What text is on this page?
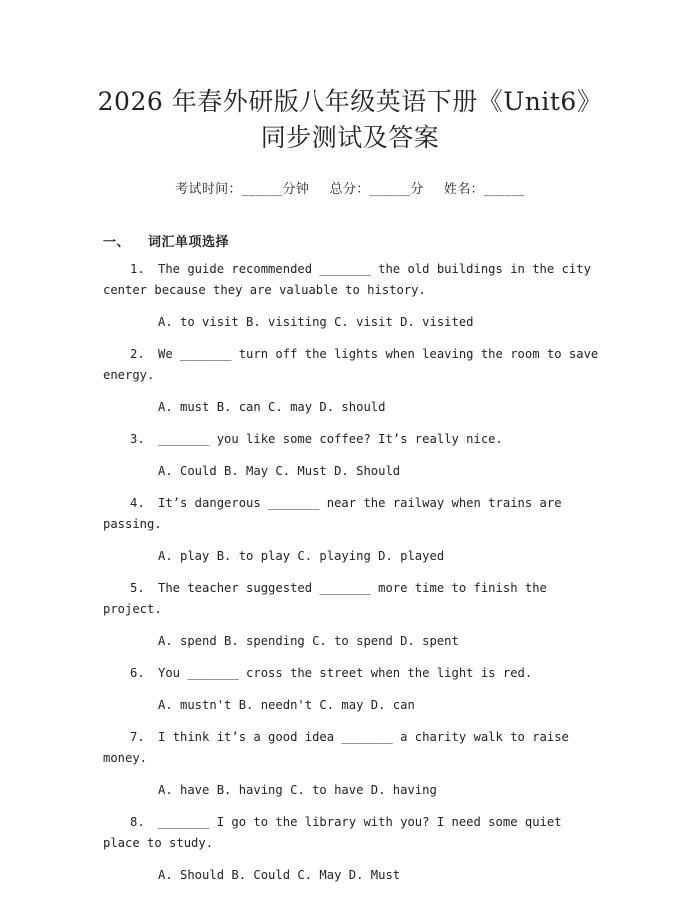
2026 年春外研版八年级英语下册《Unit6》
同步测试及答案
考试时间：______分钟 总分：______分 姓名：______
一、 词汇单项选择

1. The guide recommended _______ the old buildings in the city center because they are valuable to history.

A. to visit B. visiting C. visit D. visited

2. We _______ turn off the lights when leaving the room to save energy.

A. must B. can C. may D. should

3. _______ you like some coffee? It’s really nice.

A. Could B. May C. Must D. Should

4. It’s dangerous _______ near the railway when trains are passing.

A. play B. to play C. playing D. played

5. The teacher suggested _______ more time to finish the project.

A. spend B. spending C. to spend D. spent

6. You _______ cross the street when the light is red.

A. mustn't B. needn't C. may D. can

7. I think it’s a good idea _______ a charity walk to raise money.

A. have B. having C. to have D. having

8. _______ I go to the library with you? I need some quiet place to study.

A. Should B. Could C. May D. Must
